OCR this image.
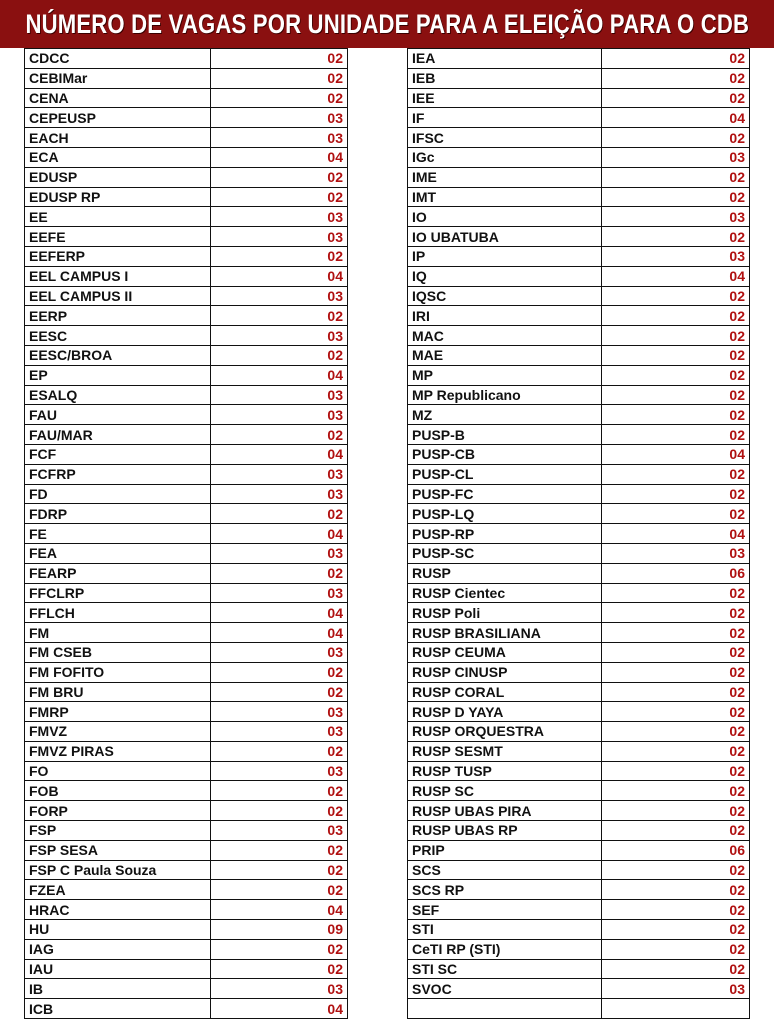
NÚMERO DE VAGAS POR UNIDADE PARA A ELEIÇÃO PARA O CDB
CDCC	02
CEBIMar	02
CENA	02
CEPEUSP	03
EACH	03
ECA	04
EDUSP	02
EDUSP RP	02
EE	03
EEFE	03
EEFERP	02
EEL CAMPUS I	04
EEL CAMPUS II	03
EERP	02
EESC	03
EESC/BROA	02
EP	04
ESALQ	03
FAU	03
FAU/MAR	02
FCF	04
FCFRP	03
FD	03
FDRP	02
FE	04
FEA	03
FEARP	02
FFCLRP	03
FFLCH	04
FM	04
FM CSEB	03
FM FOFITO	02
FM BRU	02
FMRP	03
FMVZ	03
FMVZ PIRAS	02
FO	03
FOB	02
FORP	02
FSP	03
FSP SESA	02
FSP C Paula Souza	02
FZEA	02
HRAC	04
HU	09
IAG	02
IAU	02
IB	03
ICB	04
IEA	02
IEB	02
IEE	02
IF	04
IFSC	02
IGc	03
IME	02
IMT	02
IO	03
IO UBATUBA	02
IP	03
IQ	04
IQSC	02
IRI	02
MAC	02
MAE	02
MP	02
MP Republicano	02
MZ	02
PUSP-B	02
PUSP-CB	04
PUSP-CL	02
PUSP-FC	02
PUSP-LQ	02
PUSP-RP	04
PUSP-SC	03
RUSP	06
RUSP Cientec	02
RUSP Poli	02
RUSP BRASILIANA	02
RUSP CEUMA	02
RUSP CINUSP	02
RUSP CORAL	02
RUSP D YAYA	02
RUSP ORQUESTRA	02
RUSP SESMT	02
RUSP TUSP	02
RUSP SC	02
RUSP UBAS PIRA	02
RUSP UBAS RP	02
PRIP	06
SCS	02
SCS RP	02
SEF	02
STI	02
CeTI RP (STI)	02
STI SC	02
SVOC	03
